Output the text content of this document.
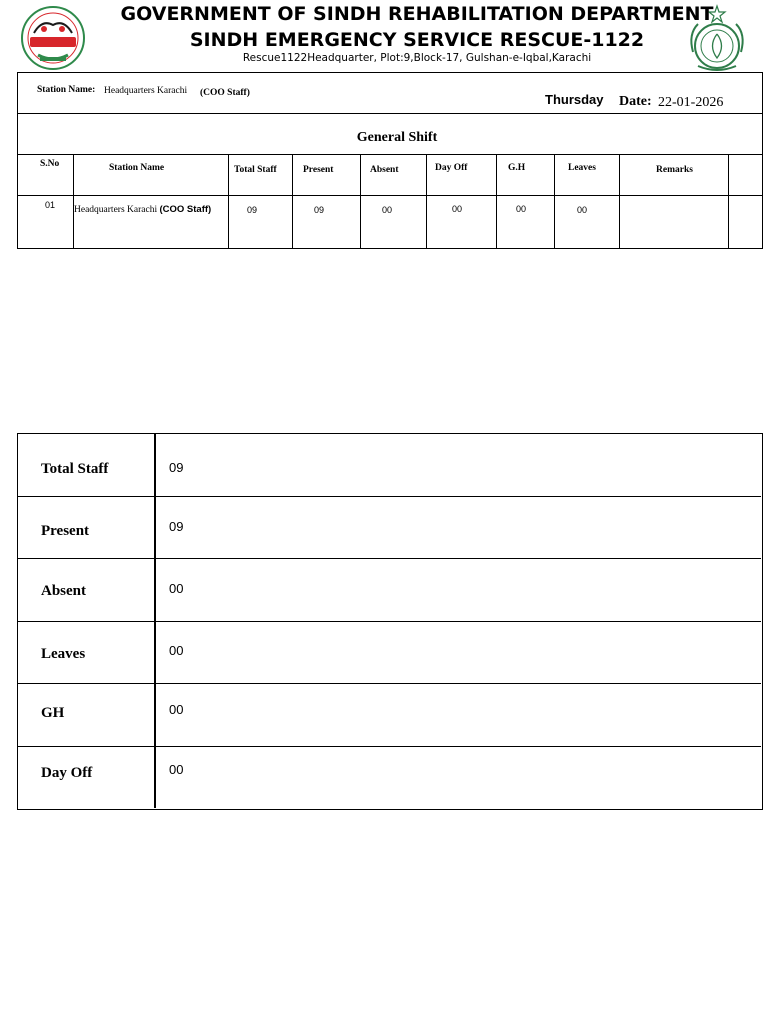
GOVERNMENT OF SINDH REHABILITATION DEPARTMENT
SINDH EMERGENCY SERVICE RESCUE-1122
Rescue1122Headquarter, Plot:9,Block-17, Gulshan-e-Iqbal,Karachi
Station Name: Headquarters Karachi (COO Staff)	Thursday Date: 22-01-2026
General Shift
S.No	Station Name	Total Staff	Present	Absent	Day Off	G.H	Leaves	Remarks
01 Headquarters Karachi (COO Staff)	09	09	00	00	00	00
Total Staff	09
Present	09
Absent	00
Leaves	00
GH	00
Day Off	00
